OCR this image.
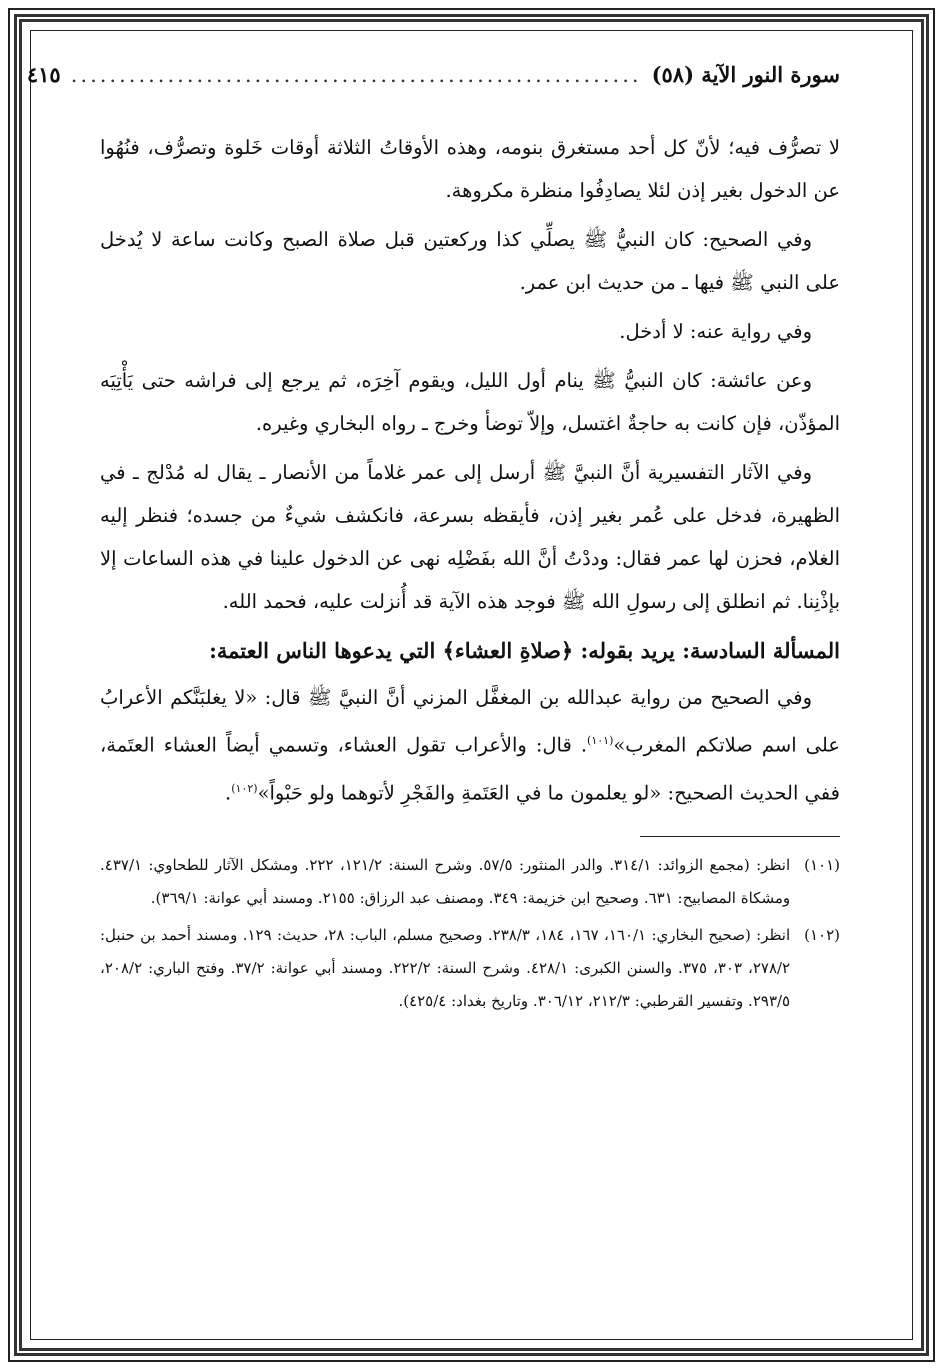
سورة النور الآية (٥٨)
...........................................................
٤١٥

لا تصرُّف فيه؛ لأنّ كل أحد مستغرق بنومه، وهذه الأوقاتُ الثلاثة أوقات خَلوة وتصرُّف، فنُهُوا عن الدخول بغير إذن لئلا يصادِفُوا منظرة مكروهة.

وفي الصحيح: كان النبيُّ ﷺ يصلِّي كذا وركعتين قبل صلاة الصبح وكانت ساعة لا يُدخل على النبي ﷺ فيها ـ من حديث ابن عمر.

وفي رواية عنه: لا أدخل.

وعن عائشة: كان النبيُّ ﷺ ينام أول الليل، ويقوم آخِرَه، ثم يرجع إلى فراشه حتى يَأْتِيَه المؤذّن، فإن كانت به حاجةٌ اغتسل، وإلاّ توضأ وخرج ـ رواه البخاري وغيره.

وفي الآثار التفسيرية أنَّ النبيَّ ﷺ أرسل إلى عمر غلاماً من الأنصار ـ يقال له مُدْلج ـ في الظهيرة، فدخل على عُمر بغير إذن، فأيقظه بسرعة، فانكشف شيءٌ من جسده؛ فنظر إليه الغلام، فحزن لها عمر فقال: وددْتُ أنَّ الله بفَضْلِه نهى عن الدخول علينا في هذه الساعات إلا بإذْنِنا. ثم انطلق إلى رسولِ الله ﷺ فوجد هذه الآية قد أُنزلت عليه، فحمد الله.

المسألة السادسة: يريد بقوله: ﴿صلاةِ العشاء﴾ التي يدعوها الناس العتمة:

وفي الصحيح من رواية عبدالله بن المغفَّل المزني أنَّ النبيَّ ﷺ قال: «لا يغلبَنَّكم الأعرابُ على اسم صلاتكم المغرب»$^{(١٠١)}$. قال: والأعراب تقول العشاء، وتسمي أيضاً العشاء العتَمة، ففي الحديث الصحيح: «لو يعلمون ما في العَتَمةِ والفَجْرِ لأتوهما ولو حَبْواً»$^{(١٠٢)}$.

(١٠١)
انظر: (مجمع الزوائد: ٣١٤/١. والدر المنثور: ٥٧/٥. وشرح السنة: ١٢١/٢، ٢٢٢. ومشكل الآثار للطحاوي: ٤٣٧/١. ومشكاة المصابيح: ٦٣١. وصحيح ابن خزيمة: ٣٤٩. ومصنف عبد الرزاق: ٢١٥٥. ومسند أبي عوانة: ٣٦٩/١).
(١٠٢)
انظر: (صحيح البخاري: ١٦٠/١، ١٦٧، ١٨٤، ٢٣٨/٣. وصحيح مسلم، الباب: ٢٨، حديث: ١٢٩. ومسند أحمد بن حنبل: ٢٧٨/٢، ٣٠٣، ٣٧٥. والسنن الكبرى: ٤٢٨/١. وشرح السنة: ٢٢٢/٢. ومسند أبي عوانة: ٣٧/٢. وفتح الباري: ٢٠٨/٢، ٢٩٣/٥. وتفسير القرطبي: ٢١٢/٣، ٣٠٦/١٢. وتاريخ بغداد: ٤٢٥/٤).
